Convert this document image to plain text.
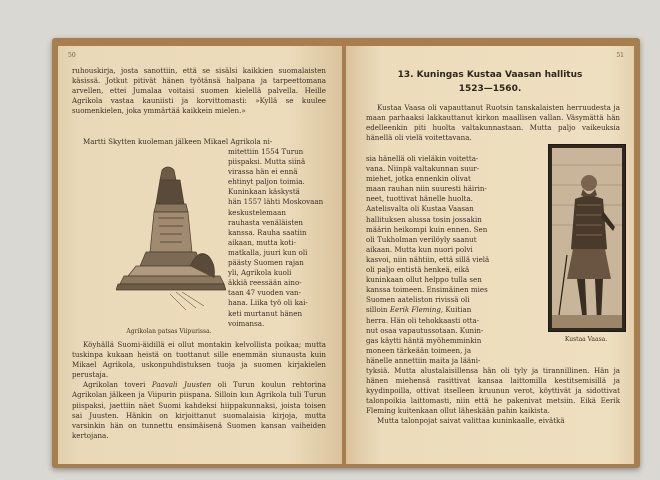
50

ruhouskirja, josta sanottiin, että se sisälsi kaikkien suomalaisten käsissä. Jotkut pitivät hänen työtänsä halpana ja tarpeettomana arvellen, ettei Jumalaa voitaisi suomen kielellä palvella. Heille Agrikola vastaa kauniisti ja korvittomasti: »Kyllä se kuulee suomenkielen, joka ymmärtää kaikkein mielen.»

Martti Skytten kuoleman jälkeen Mikael Agrikola ni-

mitettiin 1554 Turun
piispaksi. Mutta siinä
virassa hän ei ennä
ehtinyt paljon toimia.
Kuninkaan käskystä
hän 1557 lähti Moskovaan
keskustelemaan
rauhasta venäläisten
kanssa. Rauha saatiin
aikaan, mutta koti-
matkalla, juuri kun oli
päästy Suomen rajan
yli, Agrikola kuoli
äkkiä reessään aino-
taan 47 vuoden van-
hana. Liika työ oli kai-
keti murtanut hänen
voimansa.
Agrikolan patsas Viipurissa.

Köyhällä Suomi-äidillä ei ollut montakin kelvollista poikaa; mutta tuskinpa kukaan heistä on tuottanut sille enemmän siunausta kuin Mikael Agrikola, uskonpuhdistuksen tuoja ja suomen kirjakielen perustaja.

Agrikolan toveri Paavali Juusten oli Turun koulun rehtorina Agrikolan jälkeen ja Viipurin piispana. Silloin kun Agrikola tuli Turun piispaksi, jaettiin näet Suomi kahdeksi hiippakunnaksi, joista toisen sai Juusten. Hänkin on kirjoittanut suomalaisia kirjoja, mutta varsinkin hän on tunnettu ensimäisenä Suomen kansan vaiheiden kertojana.

51
13. Kuningas Kustaa Vaasan hallitus
1523—1560.

Kustaa Vaasa oli vapauttanut Ruotsin tanskalaisten herruudesta ja maan parhaaksi lakkauttanut kirkon maallisen vallan. Väsymättä hän edelleenkin piti huolta valtakunnastaan. Mutta paljo vaikeuksia hänellä oli vielä voitettavana.

sia hänellä oli vieläkin voitetta-
vana. Niinpä valtakunnan suur-
miehet, jotka ennenkin olivat
maan rauhan niin suuresti häirin-
neet, tuottivat hänelle huolta.
Aatelisvalta oli Kustaa Vaasan
hallituksen alussa tosin jossakin
määrin heikompi kuin ennen. Sen
oli Tukholman verilöyly saanut
aikaan. Mutta kun nuori polvi
kasvoi, niin nähtiin, että sillä vielä
oli paljo entistä henkeä, eikä
kuninkaan ollut helppo tulla sen
kanssa toimeen. Ensimäinen mies
Suomen aateliston rivissä oli
silloin Eerik Fleming, Kuitian
herra. Hän oli tehokkaasti otta-
nut osaa vapautussotaan. Kunin-
gas käytti häntä myöhemminkin
moneen tärkeään toimeen, ja
hänelle annettiin maita ja lääni-
Kustaa Vaasa.

tyksiä. Mutta alustalaisillensa hän oli tyly ja tirannillinen. Hän ja hänen miehensä rasittivat kansaa laittomilla kestitsemisillä ja kyydinpoilla, ottivat itselleen kruunun verot, köyttivät ja sidottivat talonpoikia laittomasti, niin että he pakenivat metsiin. Eikä Eerik Fleming kuitenkaan ollut läheskään pahin kaikista.

Mutta talonpojat saivat valittaa kuninkaalle, eivätkä
